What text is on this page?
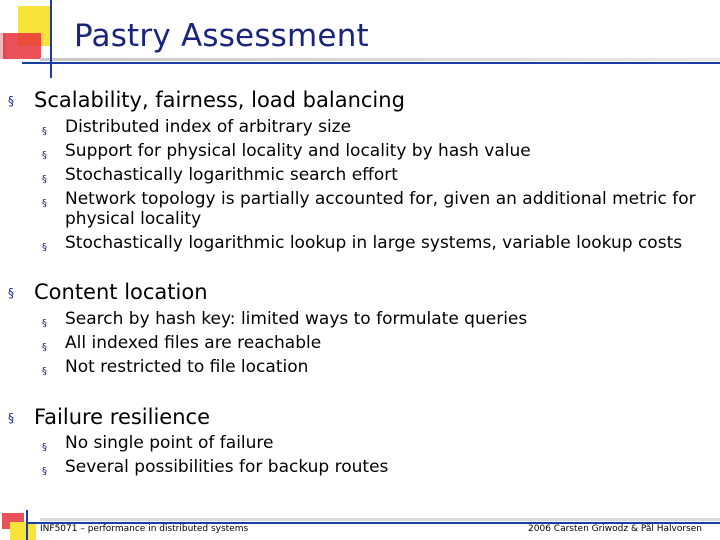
Pastry Assessment
§ Scalability, fairness, load balancing
§ Distributed index of arbitrary size
§ Support for physical locality and locality by hash value
§ Stochastically logarithmic search effort
§ Network topology is partially accounted for, given an additional metric for physical locality
§ Stochastically logarithmic lookup in large systems, variable lookup costs
§ Content location
§ Search by hash key: limited ways to formulate queries
§ All indexed files are reachable
§ Not restricted to file location
§ Failure resilience
§ No single point of failure
§ Several possibilities for backup routes
INF5071 – performance in distributed systems	2006 Carsten Griwodz & Pål Halvorsen
